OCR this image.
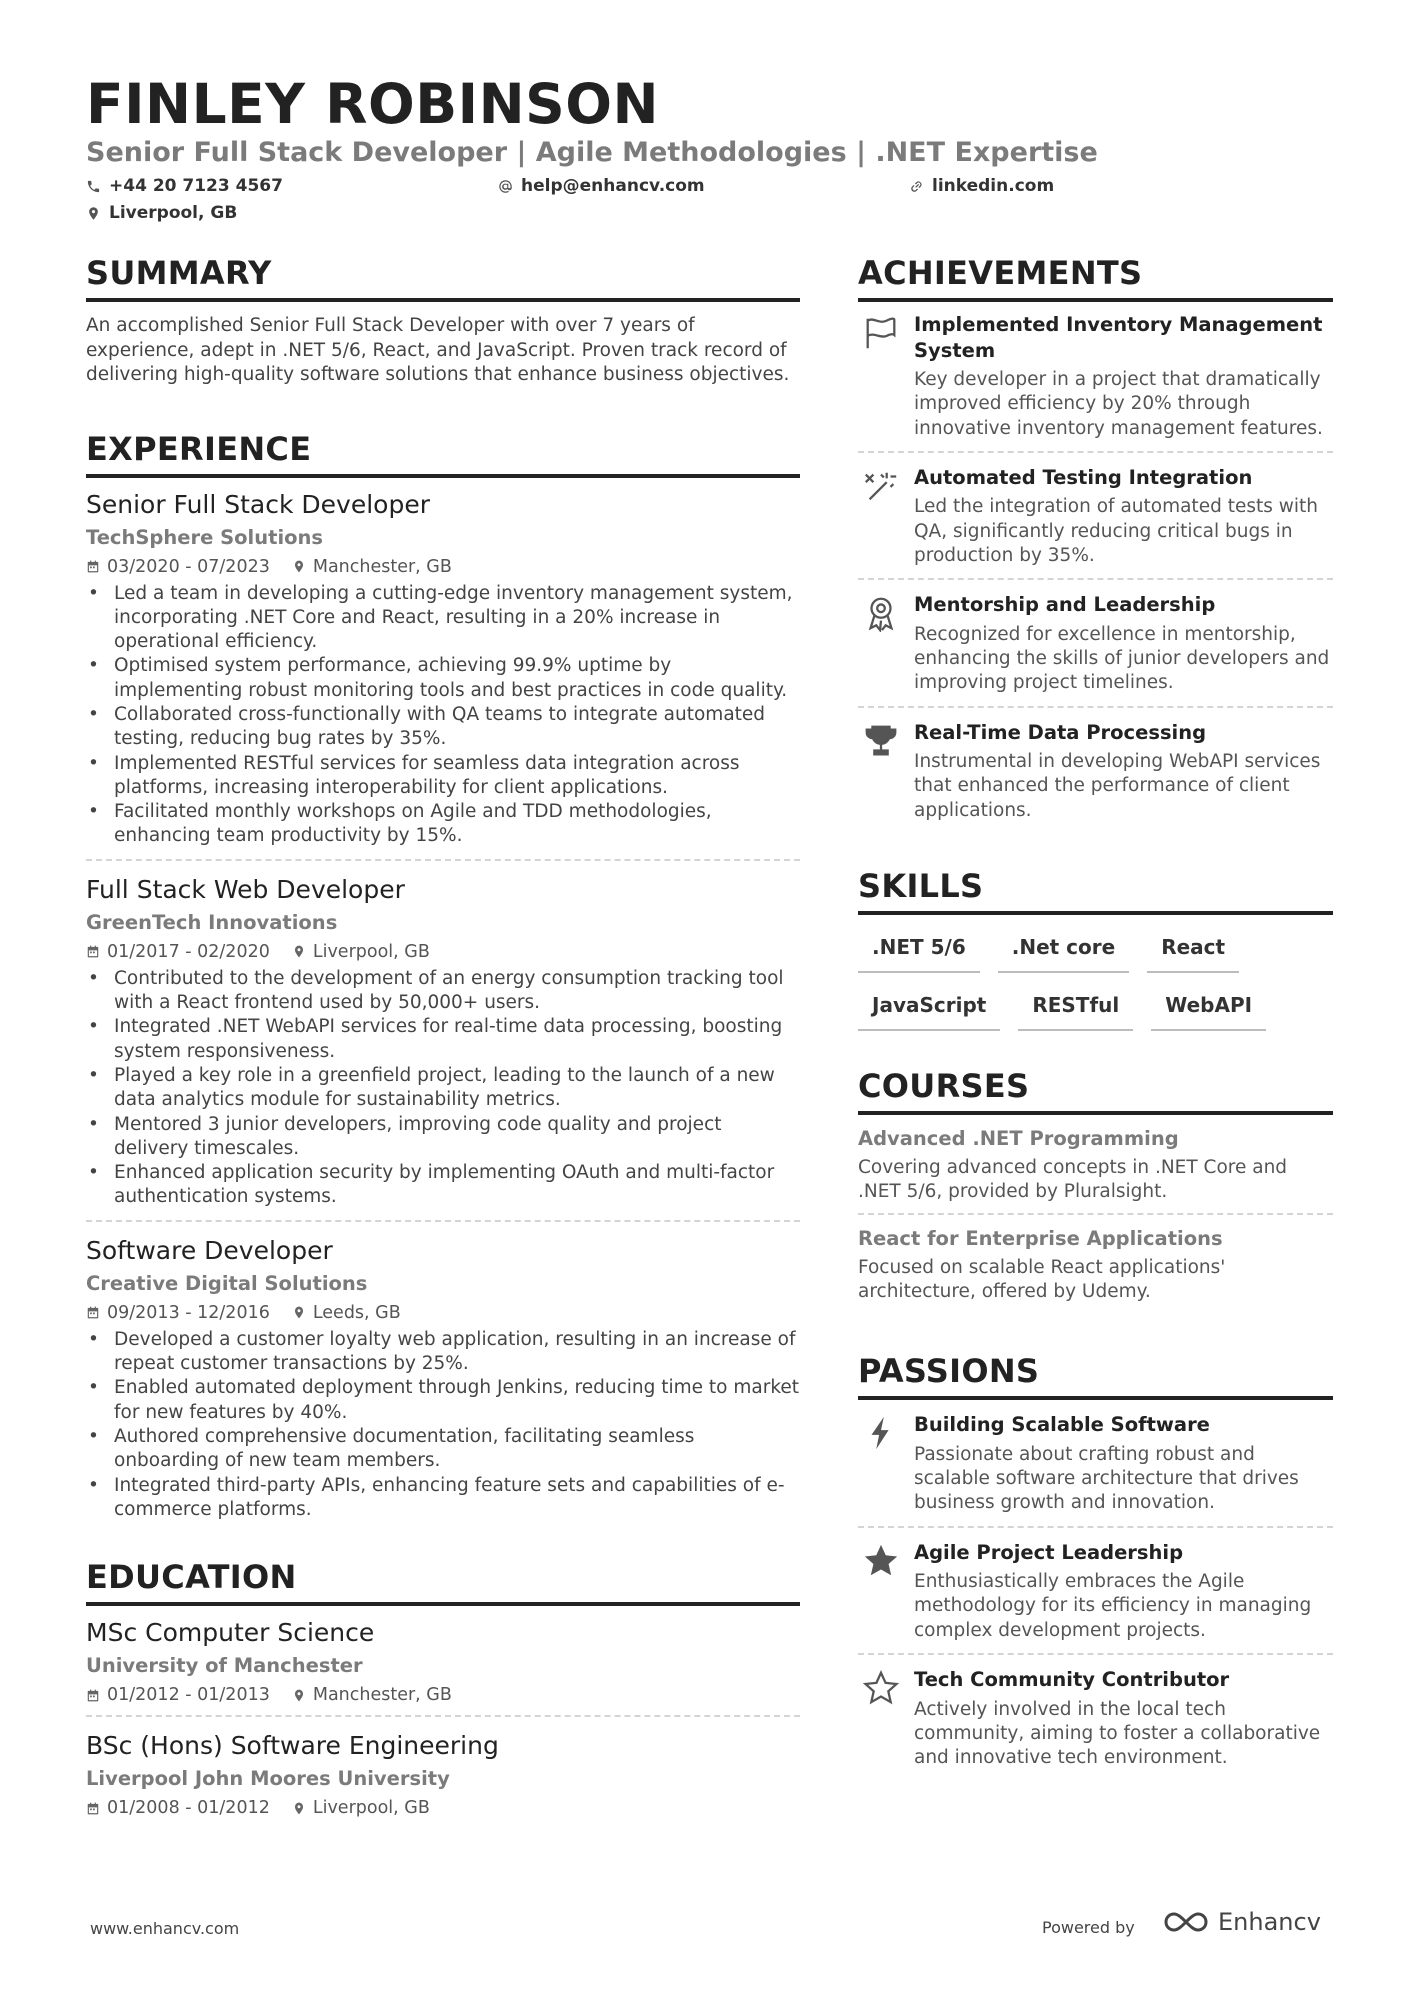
FINLEY ROBINSON
Senior Full Stack Developer | Agile Methodologies | .NET Expertise
+44 20 7123 4567	help@enhancv.com	linkedin.com
Liverpool, GB
SUMMARY
An accomplished Senior Full Stack Developer with over 7 years of experience, adept in .NET 5/6, React, and JavaScript. Proven track record of delivering high-quality software solutions that enhance business objectives.
EXPERIENCE
Senior Full Stack Developer
TechSphere Solutions
03/2020 - 07/2023 Manchester, GB
• Led a team in developing a cutting-edge inventory management system, incorporating .NET Core and React, resulting in a 20% increase in operational efficiency.
• Optimised system performance, achieving 99.9% uptime by implementing robust monitoring tools and best practices in code quality.
• Collaborated cross-functionally with QA teams to integrate automated testing, reducing bug rates by 35%.
• Implemented RESTful services for seamless data integration across platforms, increasing interoperability for client applications.
• Facilitated monthly workshops on Agile and TDD methodologies, enhancing team productivity by 15%.
Full Stack Web Developer
GreenTech Innovations
01/2017 - 02/2020 Liverpool, GB
• Contributed to the development of an energy consumption tracking tool with a React frontend used by 50,000+ users.
• Integrated .NET WebAPI services for real-time data processing, boosting system responsiveness.
• Played a key role in a greenfield project, leading to the launch of a new data analytics module for sustainability metrics.
• Mentored 3 junior developers, improving code quality and project delivery timescales.
• Enhanced application security by implementing OAuth and multi-factor authentication systems.
Software Developer
Creative Digital Solutions
09/2013 - 12/2016 Leeds, GB
• Developed a customer loyalty web application, resulting in an increase of repeat customer transactions by 25%.
• Enabled automated deployment through Jenkins, reducing time to market for new features by 40%.
• Authored comprehensive documentation, facilitating seamless onboarding of new team members.
• Integrated third-party APIs, enhancing feature sets and capabilities of e-commerce platforms.
EDUCATION
MSc Computer Science
University of Manchester
01/2012 - 01/2013 Manchester, GB
BSc (Hons) Software Engineering
Liverpool John Moores University
01/2008 - 01/2012 Liverpool, GB
ACHIEVEMENTS
Implemented Inventory Management System
Key developer in a project that dramatically improved efficiency by 20% through innovative inventory management features.
Automated Testing Integration
Led the integration of automated tests with QA, significantly reducing critical bugs in production by 35%.
Mentorship and Leadership
Recognized for excellence in mentorship, enhancing the skills of junior developers and improving project timelines.
Real-Time Data Processing
Instrumental in developing WebAPI services that enhanced the performance of client applications.
SKILLS
.NET 5/6	.Net core	React
JavaScript	RESTful	WebAPI
COURSES
Advanced .NET Programming
Covering advanced concepts in .NET Core and .NET 5/6, provided by Pluralsight.
React for Enterprise Applications
Focused on scalable React applications' architecture, offered by Udemy.
PASSIONS
Building Scalable Software
Passionate about crafting robust and scalable software architecture that drives business growth and innovation.
Agile Project Leadership
Enthusiastically embraces the Agile methodology for its efficiency in managing complex development projects.
Tech Community Contributor
Actively involved in the local tech community, aiming to foster a collaborative and innovative tech environment.
www.enhancv.com	Powered by	Enhancv
